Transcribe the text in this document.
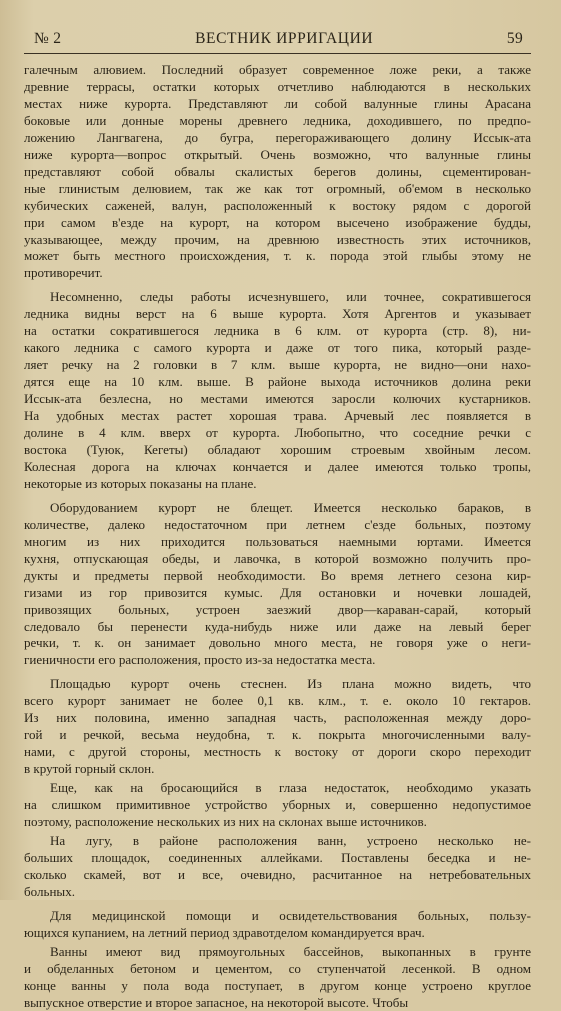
№ 2	ВЕСТНИК ИРРИГАЦИИ	59

галечным алювием. Последний образует современное ложе реки, а также
древние террасы, остатки которых отчетливо наблюдаются в нескольких
местах ниже курорта. Представляют ли собой валунные глины Арасана
боковые или донные морены древнего ледника, доходившего, по предпо-
ложению Лангвагена, до бугра, перегораживающего долину Иссык-ата
ниже курорта—вопрос открытый. Очень возможно, что валунные глины
представляют собой обвалы скалистых берегов долины, сцементирован-
ные глинистым делювием, так же как тот огромный, об'емом в несколько
кубических саженей, валун, расположенный к востоку рядом с дорогой
при самом в'езде на курорт, на котором высечено изображение будды,
указывающее, между прочим, на древнюю известность этих источников,
может быть местного происхождения, т. к. порода этой глыбы этому не
противоречит.

Несомненно, следы работы исчезнувшего, или точнее, сократившегося
ледника видны верст на 6 выше курорта. Хотя Аргентов и указывает
на остатки сократившегося ледника в 6 клм. от курорта (стр. 8), ни-
какого ледника с самого курорта и даже от того пика, который разде-
ляет речку на 2 головки в 7 клм. выше курорта, не видно—они нахо-
дятся еще на 10 клм. выше. В районе выхода источников долина реки
Иссык-ата безлесна, но местами имеются заросли колючих кустарников.
На удобных местах растет хорошая трава. Арчевый лес появляется в
долине в 4 клм. вверх от курорта. Любопытно, что соседние речки с
востока (Туюк, Кегеты) обладают хорошим строевым хвойным лесом.
Колесная дорога на ключах кончается и далее имеются только тропы,
некоторые из которых показаны на плане.

Оборудованием курорт не блещет. Имеется несколько бараков, в
количестве, далеко недостаточном при летнем с'езде больных, поэтому
многим из них приходится пользоваться наемными юртами. Имеется
кухня, отпускающая обеды, и лавочка, в которой возможно получить про-
дукты и предметы первой необходимости. Во время летнего сезона кир-
гизами из гор привозится кумыс. Для остановки и ночевки лошадей,
привозящих больных, устроен заезжий двор—караван-сарай, который
следовало бы перенести куда-нибудь ниже или даже на левый берег
речки, т. к. он занимает довольно много места, не говоря уже о неги-
гиеничности его расположения, просто из-за недостатка места.

Площадью курорт очень стеснен. Из плана можно видеть, что
всего курорт занимает не более 0,1 кв. клм., т. е. около 10 гектаров.
Из них половина, именно западная часть, расположенная между доро-
гой и речкой, весьма неудобна, т. к. покрыта многочисленными валу-
нами, с другой стороны, местность к востоку от дороги скоро переходит
в крутой горный склон.

Еще, как на бросающийся в глаза недостаток, необходимо указать
на слишком примитивное устройство уборных и, совершенно недопустимое
поэтому, расположение нескольких из них на склонах выше источников.

На лугу, в районе расположения ванн, устроено несколько не-
больших площадок, соединенных аллейками. Поставлены беседка и не-
сколько скамей, вот и все, очевидно, расчитанное на нетребовательных
больных.

Для медицинской помощи и освидетельствования больных, пользу-
ющихся купанием, на летний период здравотделом командируется врач.

Ванны имеют вид прямоугольных бассейнов, выкопанных в грунте
и обделанных бетоном и цементом, со ступенчатой лесенкой. В одном
конце ванны у пола вода поступает, в другом конце устроено круглое
выпускное отверстие и второе запасное, на некоторой высоте. Чтобы
